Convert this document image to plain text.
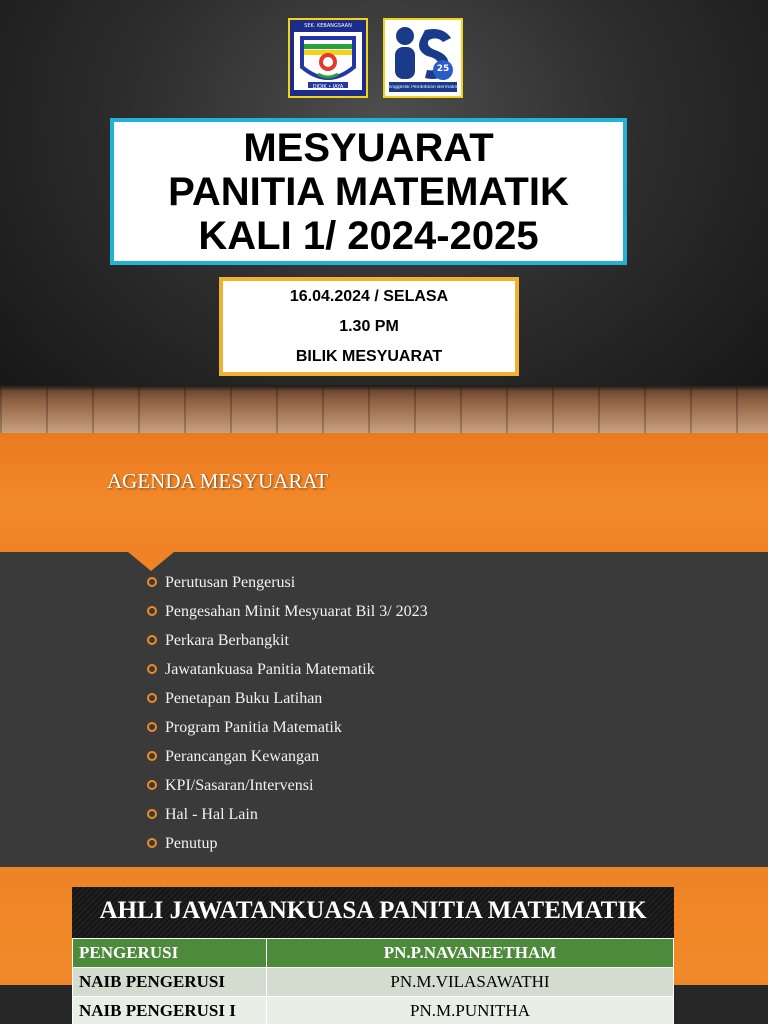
SEK. KEBANGSAAN
DIDIK • JAYA
25
Penggerak Pendidikan Bermakna
MESYUARAT
PANITIA MATEMATIK
KALI 1/ 2024-2025
16.04.2024 / SELASA
1.30 PM
BILIK MESYUARAT
AGENDA MESYUARAT
Perutusan Pengerusi
Pengesahan Minit Mesyuarat Bil 3/ 2023
Perkara Berbangkit
Jawatankuasa Panitia Matematik
Penetapan Buku Latihan
Program Panitia Matematik
Perancangan Kewangan
KPI/Sasaran/Intervensi
Hal - Hal Lain
Penutup
AHLI JAWATANKUASA PANITIA MATEMATIK
PENGERUSI	PN.P.NAVANEETHAM
NAIB PENGERUSI	PN.M.VILASAWATHI
NAIB PENGERUSI I	PN.M.PUNITHA
